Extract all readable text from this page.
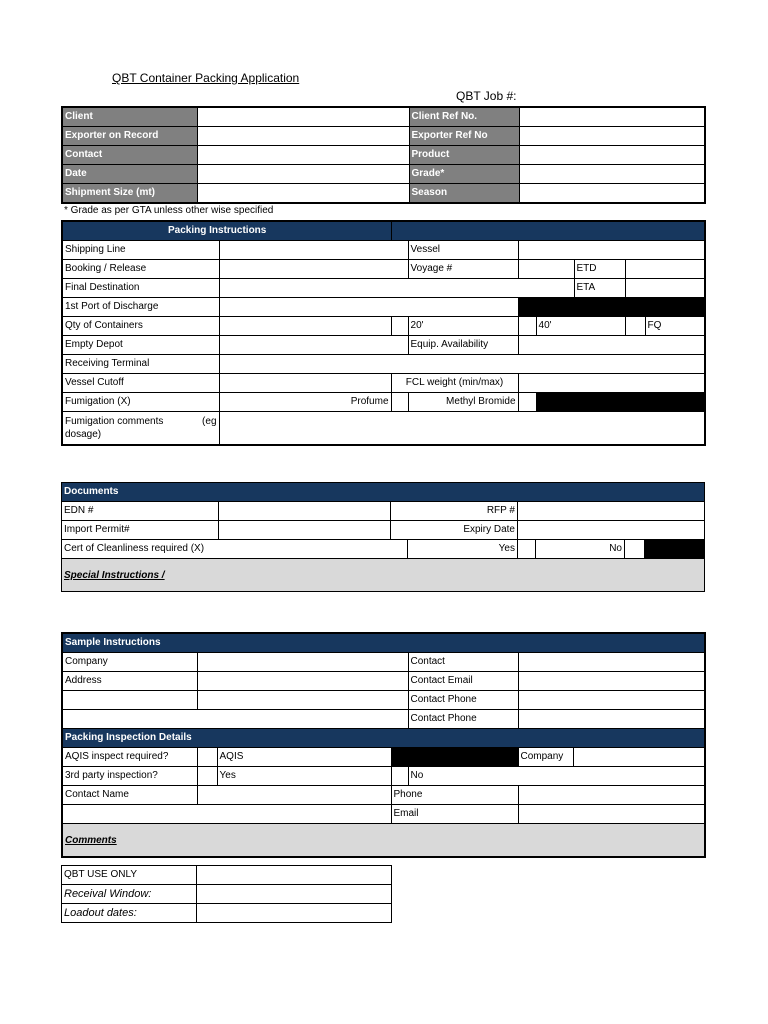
QBT Container Packing Application
QBT Job #:
Client		Client Ref No.	
Exporter on Record		Exporter Ref No	
Contact		Product	
Date		Grade*	
Shipment Size (mt)		Season	
* Grade as per GTA unless other wise specified
Packing Instructions								
Shipping Line			Vessel					
Booking / Release			Voyage #			ETD		
Final Destination						ETA		
1st Port of Discharge								
Qty of Containers			20'		40'			FQ
Empty Depot			Equip. Availability					
Receiving Terminal								
Vessel Cutoff		FCL weight (min/max)						
Fumigation (X)	Profume		Methyl Bromide					
Fumigation comments (eg

dosage)								
Documents							
EDN #		RFP #					
Import Permit#		Expiry Date					
Cert of Cleanliness required (X)			Yes		No		
Special Instructions /							
Sample Instructions						
Company				Contact		
Address				Contact Email		
				Contact Phone		
				Contact Phone		
Packing Inspection Details						
AQIS inspect required?		AQIS			Company	
3rd party inspection?		Yes		No		
Contact Name			Phone			
			Email			
Comments						
QBT USE ONLY	
Receival Window:	
Loadout dates:	
